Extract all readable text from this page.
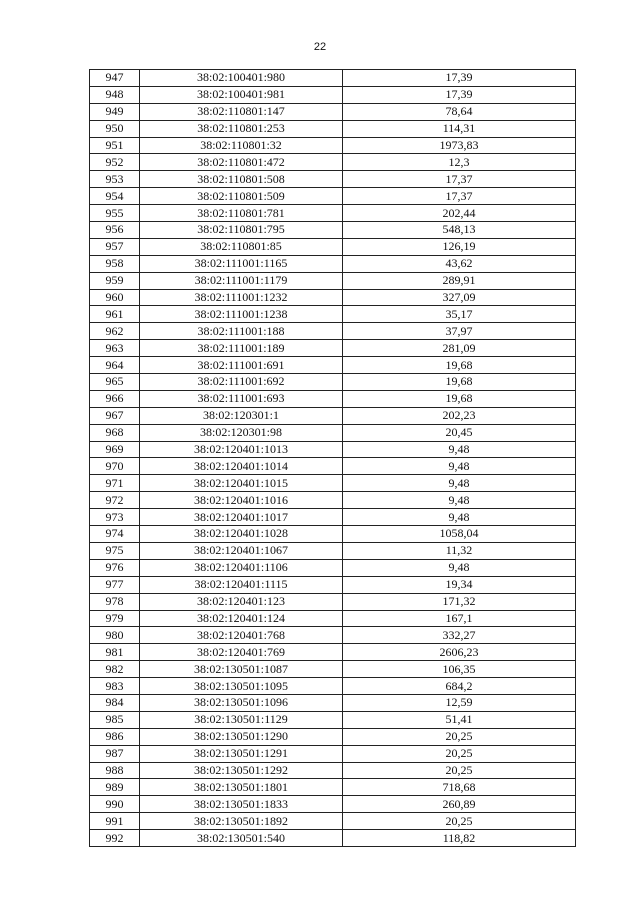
22
947	38:02:100401:980	17,39
948	38:02:100401:981	17,39
949	38:02:110801:147	78,64
950	38:02:110801:253	114,31
951	38:02:110801:32	1973,83
952	38:02:110801:472	12,3
953	38:02:110801:508	17,37
954	38:02:110801:509	17,37
955	38:02:110801:781	202,44
956	38:02:110801:795	548,13
957	38:02:110801:85	126,19
958	38:02:111001:1165	43,62
959	38:02:111001:1179	289,91
960	38:02:111001:1232	327,09
961	38:02:111001:1238	35,17
962	38:02:111001:188	37,97
963	38:02:111001:189	281,09
964	38:02:111001:691	19,68
965	38:02:111001:692	19,68
966	38:02:111001:693	19,68
967	38:02:120301:1	202,23
968	38:02:120301:98	20,45
969	38:02:120401:1013	9,48
970	38:02:120401:1014	9,48
971	38:02:120401:1015	9,48
972	38:02:120401:1016	9,48
973	38:02:120401:1017	9,48
974	38:02:120401:1028	1058,04
975	38:02:120401:1067	11,32
976	38:02:120401:1106	9,48
977	38:02:120401:1115	19,34
978	38:02:120401:123	171,32
979	38:02:120401:124	167,1
980	38:02:120401:768	332,27
981	38:02:120401:769	2606,23
982	38:02:130501:1087	106,35
983	38:02:130501:1095	684,2
984	38:02:130501:1096	12,59
985	38:02:130501:1129	51,41
986	38:02:130501:1290	20,25
987	38:02:130501:1291	20,25
988	38:02:130501:1292	20,25
989	38:02:130501:1801	718,68
990	38:02:130501:1833	260,89
991	38:02:130501:1892	20,25
992	38:02:130501:540	118,82
